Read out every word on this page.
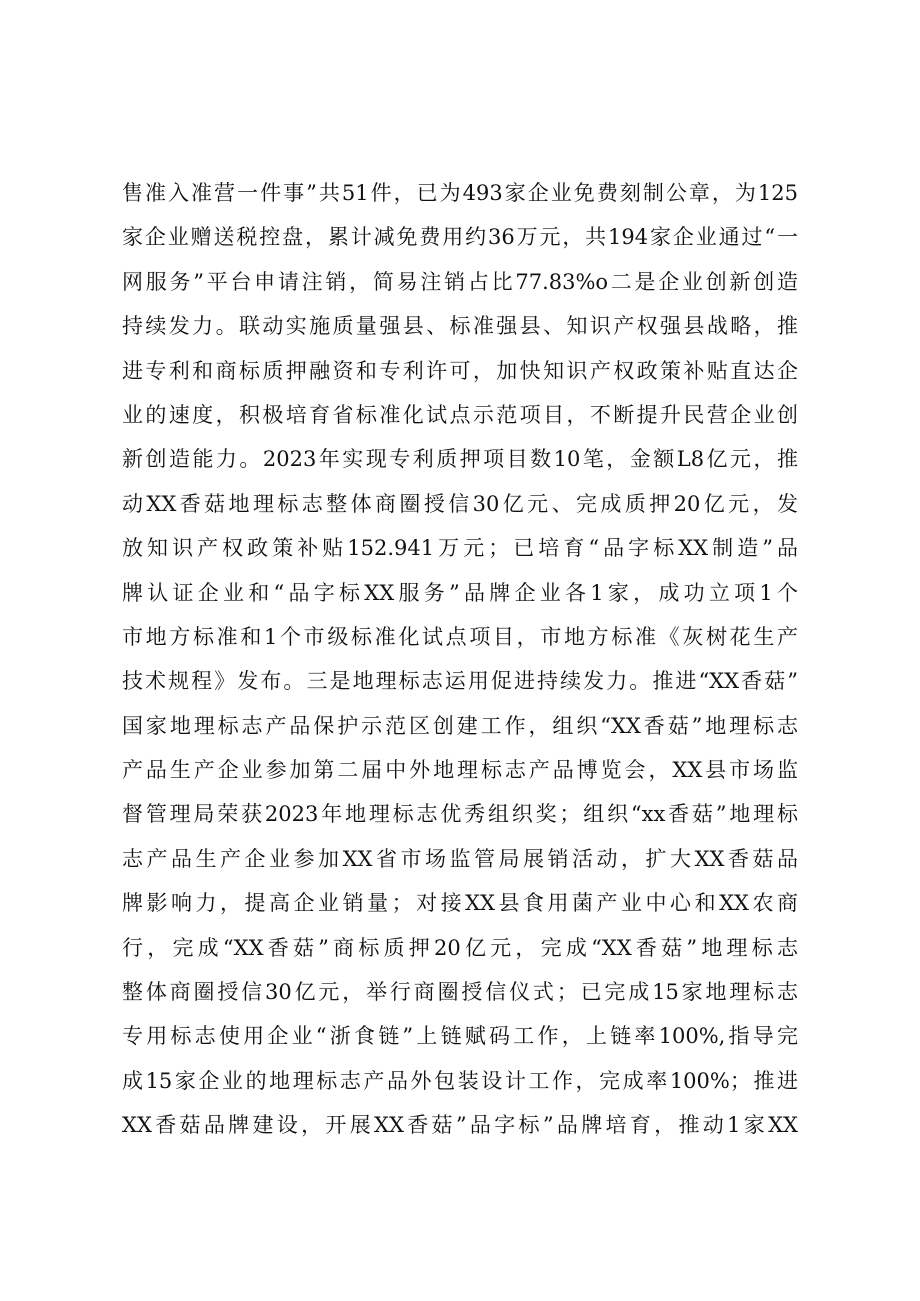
售准入准营一件事”共51件，已为493家企业免费刻制公章，为125
家企业赠送税控盘，累计减免费用约36万元，共194家企业通过“一
网服务”平台申请注销，简易注销占比77.83%o二是企业创新创造
持续发力。联动实施质量强县、标准强县、知识产权强县战略，推
进专利和商标质押融资和专利许可，加快知识产权政策补贴直达企
业的速度，积极培育省标准化试点示范项目，不断提升民营企业创
新创造能力。2023年实现专利质押项目数10笔，金额L8亿元，推
动XX香菇地理标志整体商圈授信30亿元、完成质押20亿元，发
放知识产权政策补贴152.941万元；已培育“品字标XX制造”品
牌认证企业和“品字标XX服务”品牌企业各1家，成功立项1个
市地方标准和1个市级标准化试点项目，市地方标准《灰树花生产
技术规程》发布。三是地理标志运用促进持续发力。推进“XX香菇”
国家地理标志产品保护示范区创建工作，组织“XX香菇”地理标志
产品生产企业参加第二届中外地理标志产品博览会，XX县市场监
督管理局荣获2023年地理标志优秀组织奖；组织“xx香菇”地理标
志产品生产企业参加XX省市场监管局展销活动，扩大XX香菇品
牌影响力，提高企业销量；对接XX县食用菌产业中心和XX农商
行，完成“XX香菇”商标质押20亿元，完成“XX香菇”地理标志
整体商圈授信30亿元，举行商圈授信仪式；已完成15家地理标志
专用标志使用企业“浙食链”上链赋码工作，上链率100%,指导完
成15家企业的地理标志产品外包装设计工作，完成率100%；推进
XX香菇品牌建设，开展XX香菇”品字标”品牌培育，推动1家XX
